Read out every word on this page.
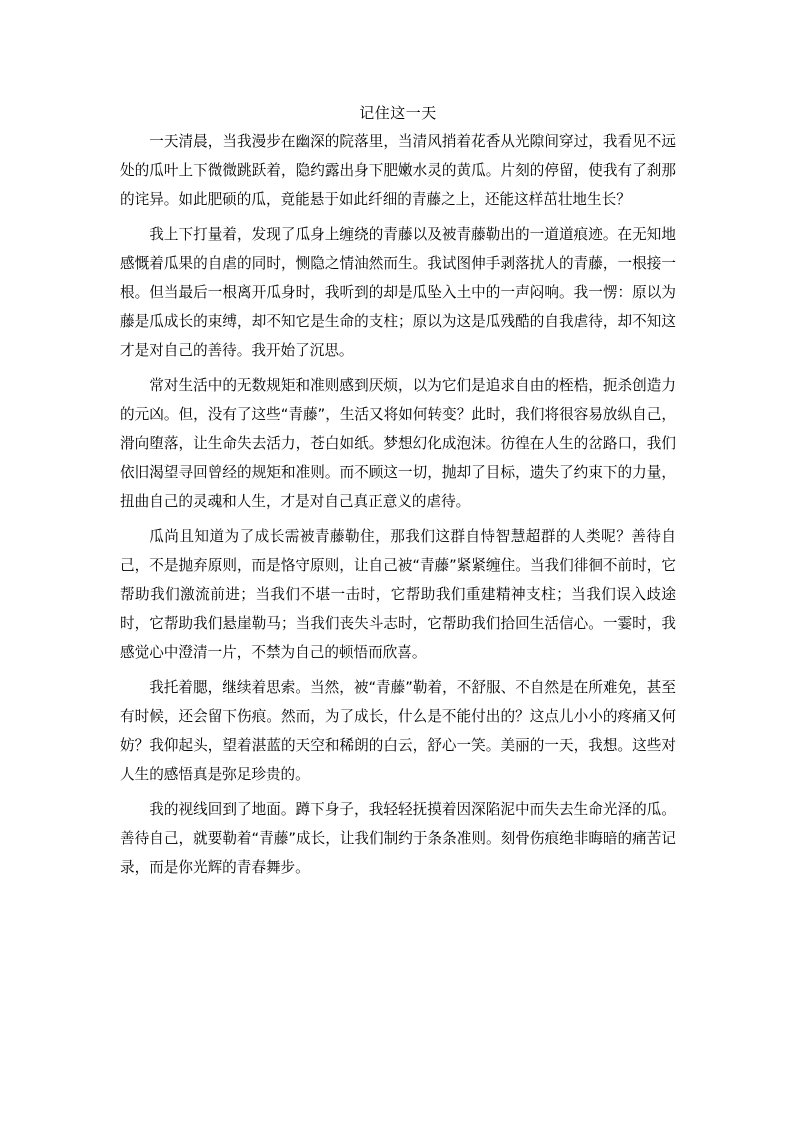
记住这一天

一天清晨，当我漫步在幽深的院落里，当清风捎着花香从光隙间穿过，我看见不远处的瓜叶上下微微跳跃着，隐约露出身下肥嫩水灵的黄瓜。片刻的停留，使我有了刹那的诧异。如此肥硕的瓜，竟能悬于如此纤细的青藤之上，还能这样茁壮地生长？

我上下打量着，发现了瓜身上缠绕的青藤以及被青藤勒出的一道道痕迹。在无知地感慨着瓜果的自虐的同时，恻隐之情油然而生。我试图伸手剥落扰人的青藤，一根接一根。但当最后一根离开瓜身时，我听到的却是瓜坠入土中的一声闷响。我一愣：原以为藤是瓜成长的束缚，却不知它是生命的支柱；原以为这是瓜残酷的自我虐待，却不知这才是对自己的善待。我开始了沉思。

常对生活中的无数规矩和准则感到厌烦，以为它们是追求自由的桎梏，扼杀创造力的元凶。但，没有了这些“青藤”，生活又将如何转变？此时，我们将很容易放纵自己，滑向堕落，让生命失去活力，苍白如纸。梦想幻化成泡沫。彷徨在人生的岔路口，我们依旧渴望寻回曾经的规矩和准则。而不顾这一切，抛却了目标，遗失了约束下的力量，扭曲自己的灵魂和人生，才是对自己真正意义的虐待。

瓜尚且知道为了成长需被青藤勒住，那我们这群自恃智慧超群的人类呢？善待自己，不是抛弃原则，而是恪守原则，让自己被“青藤”紧紧缠住。当我们徘徊不前时，它帮助我们激流前进；当我们不堪一击时，它帮助我们重建精神支柱；当我们误入歧途时，它帮助我们悬崖勒马；当我们丧失斗志时，它帮助我们拾回生活信心。一霎时，我感觉心中澄清一片，不禁为自己的顿悟而欣喜。

我托着腮，继续着思索。当然，被“青藤”勒着，不舒服、不自然是在所难免，甚至有时候，还会留下伤痕。然而，为了成长，什么是不能付出的？这点儿小小的疼痛又何妨？我仰起头，望着湛蓝的天空和稀朗的白云，舒心一笑。美丽的一天，我想。这些对人生的感悟真是弥足珍贵的。

我的视线回到了地面。蹲下身子，我轻轻抚摸着因深陷泥中而失去生命光泽的瓜。善待自己，就要勒着“青藤”成长，让我们制约于条条准则。刻骨伤痕绝非晦暗的痛苦记录，而是你光辉的青春舞步。
